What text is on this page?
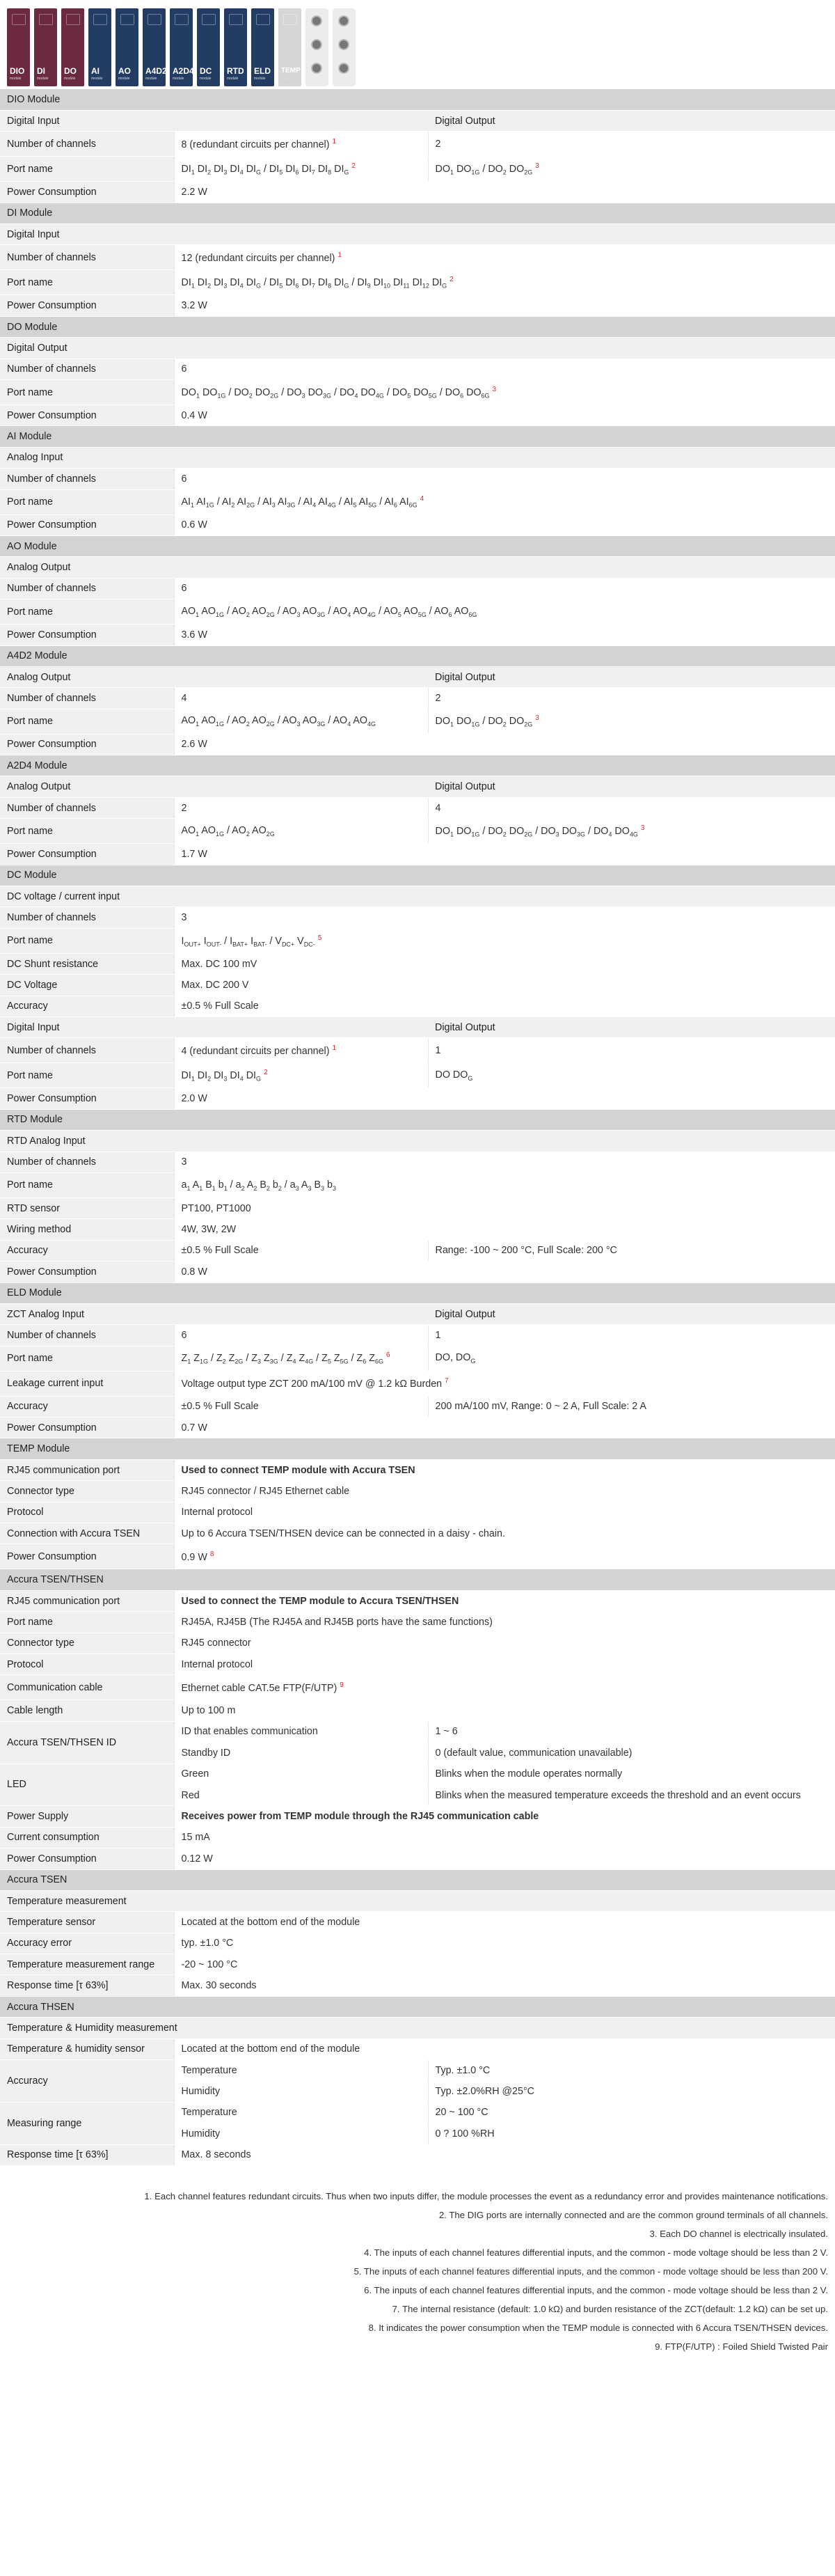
DIO
module
DI
module
DO
module
AI
module
AO
module
A4D2
module
A2D4
module
DC
module
RTD
module
ELD
module
TEMP
module
DIO Module		
Digital Input		Digital Output
Number of channels	8 (redundant circuits per channel) $^1$	2
Port name	$DI_1$ $DI_2$ $DI_3$ $DI_4$ $DI_G / DI_5$ $DI_6$ $DI_7$ $DI_8$ $DI_G$ $^2$	$DO_1$ $DO_{1G} / DO_2$ $DO_{2G}$ $^3$
Power Consumption	2.2 W	
DI Module		
Digital Input		
Number of channels	12 (redundant circuits per channel) $^1$
Port name	$DI_1$ $DI_2$ $DI_3$ $DI_4$ $DI_G / DI_5$ $DI_6$ $DI_7$ $DI_8$ $DI_G / DI_9$ $DI_{10}$ $DI_{11}$ $DI_{12}$ $DI_G$ $^2$
Power Consumption	3.2 W	
DO Module		
Digital Output		
Number of channels	6	
Port name	$DO_1$ $DO_{1G} / DO_2$ $DO_{2G} / DO_3$ $DO_{3G} / DO_4$ $DO_{4G} / DO_5$ $DO_{5G} / DO_6$ $DO_{6G}$ $^3$
Power Consumption	0.4 W	
AI Module		
Analog Input		
Number of channels	6	
Port name	$AI_1$ $AI_{1G} / AI_2$ $AI_{2G} / AI_3$ $AI_{3G} / AI_4$ $AI_{4G} / AI_5$ $AI_{5G} / AI_6$ $AI_{6G}$ $^4$
Power Consumption	0.6 W	
AO Module		
Analog Output		
Number of channels	6	
Port name	$AO_1$ $AO_{1G} / AO_2$ $AO_{2G} / AO_3$ $AO_{3G} / AO_4$ $AO_{4G} / AO_5$ $AO_{5G} / AO_6$ $AO_{6G}$
Power Consumption	3.6 W	
A4D2 Module		
Analog Output		Digital Output
Number of channels	4	2
Port name	$AO_1$ $AO_{1G} / AO_2$ $AO_{2G} / AO_3$ $AO_{3G} / AO_4$ $AO_{4G}$	$DO_1$ $DO_{1G} / DO_2$ $DO_{2G}$ $^3$
Power Consumption	2.6 W	
A2D4 Module		
Analog Output		Digital Output
Number of channels	2	4
Port name	$AO_1$ $AO_{1G} / AO_2$ $AO_{2G}$	$DO_1$ $DO_{1G} / DO_2$ $DO_{2G} / DO_3$ $DO_{3G} / DO_4$ $DO_{4G}$ $^3$
Power Consumption	1.7 W	
DC Module		
DC voltage / current input		
Number of channels	3	
Port name	$I_{OUT+}$ $I_{OUT-} / I_{BAT+}$ $I_{BAT-} / V_{DC+}$ $V_{DC-}$ $^5$
DC Shunt resistance	Max. DC 100 mV	
DC Voltage	Max. DC 200 V	
Accuracy	±0.5 % Full Scale	
Digital Input		Digital Output
Number of channels	4 (redundant circuits per channel) $^1$	1
Port name	$DI_1$ $DI_2$ $DI_3$ $DI_4$ $DI_G$ $^2$	DO $DO_G$
Power Consumption	2.0 W	
RTD Module		
RTD Analog Input		
Number of channels	3	
Port name	$a_1$ $A_1$ $B_1$ $b_1 / a_2$ $A_2$ $B_2$ $b_2 / a_3$ $A_3$ $B_3$ $b_3$
RTD sensor	PT100, PT1000	
Wiring method	4W, 3W, 2W	
Accuracy	±0.5 % Full Scale	Range: -100 ~ 200 °C, Full Scale: 200 °C
Power Consumption	0.8 W	
ELD Module		
ZCT Analog Input		Digital Output
Number of channels	6	1
Port name	$Z_1$ $Z_{1G} / Z_2$ $Z_{2G} / Z_3$ $Z_{3G} / Z_4$ $Z_{4G} / Z_5$ $Z_{5G} / Z_6$ $Z_{6G}$ $^6$	DO, $DO_G$
Leakage current input	Voltage output type ZCT 200 mA/100 mV @ 1.2 kΩ Burden $^7$
Accuracy	±0.5 % Full Scale	200 mA/100 mV, Range: 0 ~ 2 A, Full Scale: 2 A
Power Consumption	0.7 W	
TEMP Module		
RJ45 communication port	Used to connect TEMP module with Accura TSEN	
Connector type	RJ45 connector / RJ45 Ethernet cable	
Protocol	Internal protocol	
Connection with Accura TSEN	Up to 6 Accura TSEN/THSEN device can be connected in a daisy - chain.	
Power Consumption	0.9 W $^8$
Accura TSEN/THSEN		
RJ45 communication port	Used to connect the TEMP module to Accura TSEN/THSEN	
Port name	RJ45A, RJ45B (The RJ45A and RJ45B ports have the same functions)	
Connector type	RJ45 connector	
Protocol	Internal protocol	
Communication cable	Ethernet cable CAT.5e FTP(F/UTP) $^9$
Cable length	Up to 100 m	
Accura TSEN/THSEN ID	ID that enables communication	1 ~ 6
	Standby ID	0 (default value, communication unavailable)
LED	Green	Blinks when the module operates normally
	Red	Blinks when the measured temperature exceeds the threshold and an event occurs
Power Supply	Receives power from TEMP module through the RJ45 communication cable	
Current consumption	15 mA	
Power Consumption	0.12 W	
Accura TSEN		
Temperature measurement		
Temperature sensor	Located at the bottom end of the module	
Accuracy error	typ. ±1.0 °C	
Temperature measurement range	-20 ~ 100 °C	
Response time [τ 63%]	Max. 30 seconds	
Accura THSEN		
Temperature & Humidity measurement		
Temperature & humidity sensor	Located at the bottom end of the module	
Accuracy	Temperature	Typ. ±1.0 °C
	Humidity	Typ. ±2.0%RH @25°C
Measuring range	Temperature	20 ~ 100 °C
	Humidity	0 ? 100 %RH
Response time [τ 63%]	Max. 8 seconds	
1. Each channel features redundant circuits. Thus when two inputs differ, the module processes the event as a redundancy error and provides maintenance notifications.
2. The DIG ports are internally connected and are the common ground terminals of all channels.
3. Each DO channel is electrically insulated.
4. The inputs of each channel features differential inputs, and the common - mode voltage should be less than 2 V.
5. The inputs of each channel features differential inputs, and the common - mode voltage should be less than 200 V.
6. The inputs of each channel features differential inputs, and the common - mode voltage should be less than 2 V.
7. The internal resistance (default: 1.0 kΩ) and burden resistance of the ZCT(default: 1.2 kΩ) can be set up.
8. It indicates the power consumption when the TEMP module is connected with 6 Accura TSEN/THSEN devices.
9. FTP(F/UTP) : Foiled Shield Twisted Pair
